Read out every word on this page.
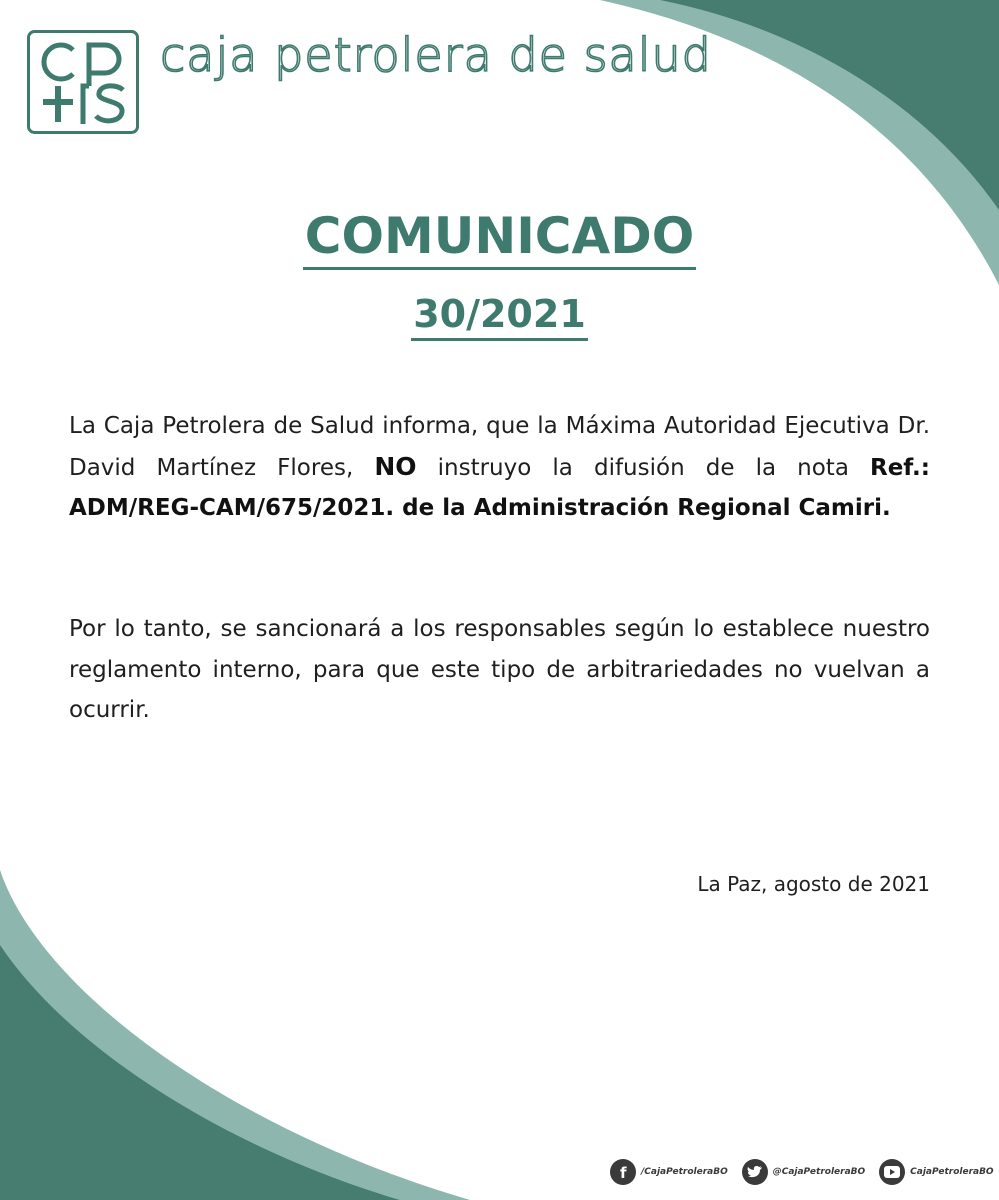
caja petrolera de salud
COMUNICADO
30/2021
La Caja Petrolera de Salud informa, que la Máxima Autoridad Ejecutiva Dr. David Martínez Flores, NO instruyo la difusión de la nota Ref.: ADM/REG-CAM/675/2021. de la Administración Regional Camiri.
Por lo tanto, se sancionará a los responsables según lo establece nuestro reglamento interno, para que este tipo de arbitrariedades no vuelvan a ocurrir.
La Paz, agosto de 2021
f /CajaPetroleraBO	@CajaPetroleraBO	CajaPetroleraBO
